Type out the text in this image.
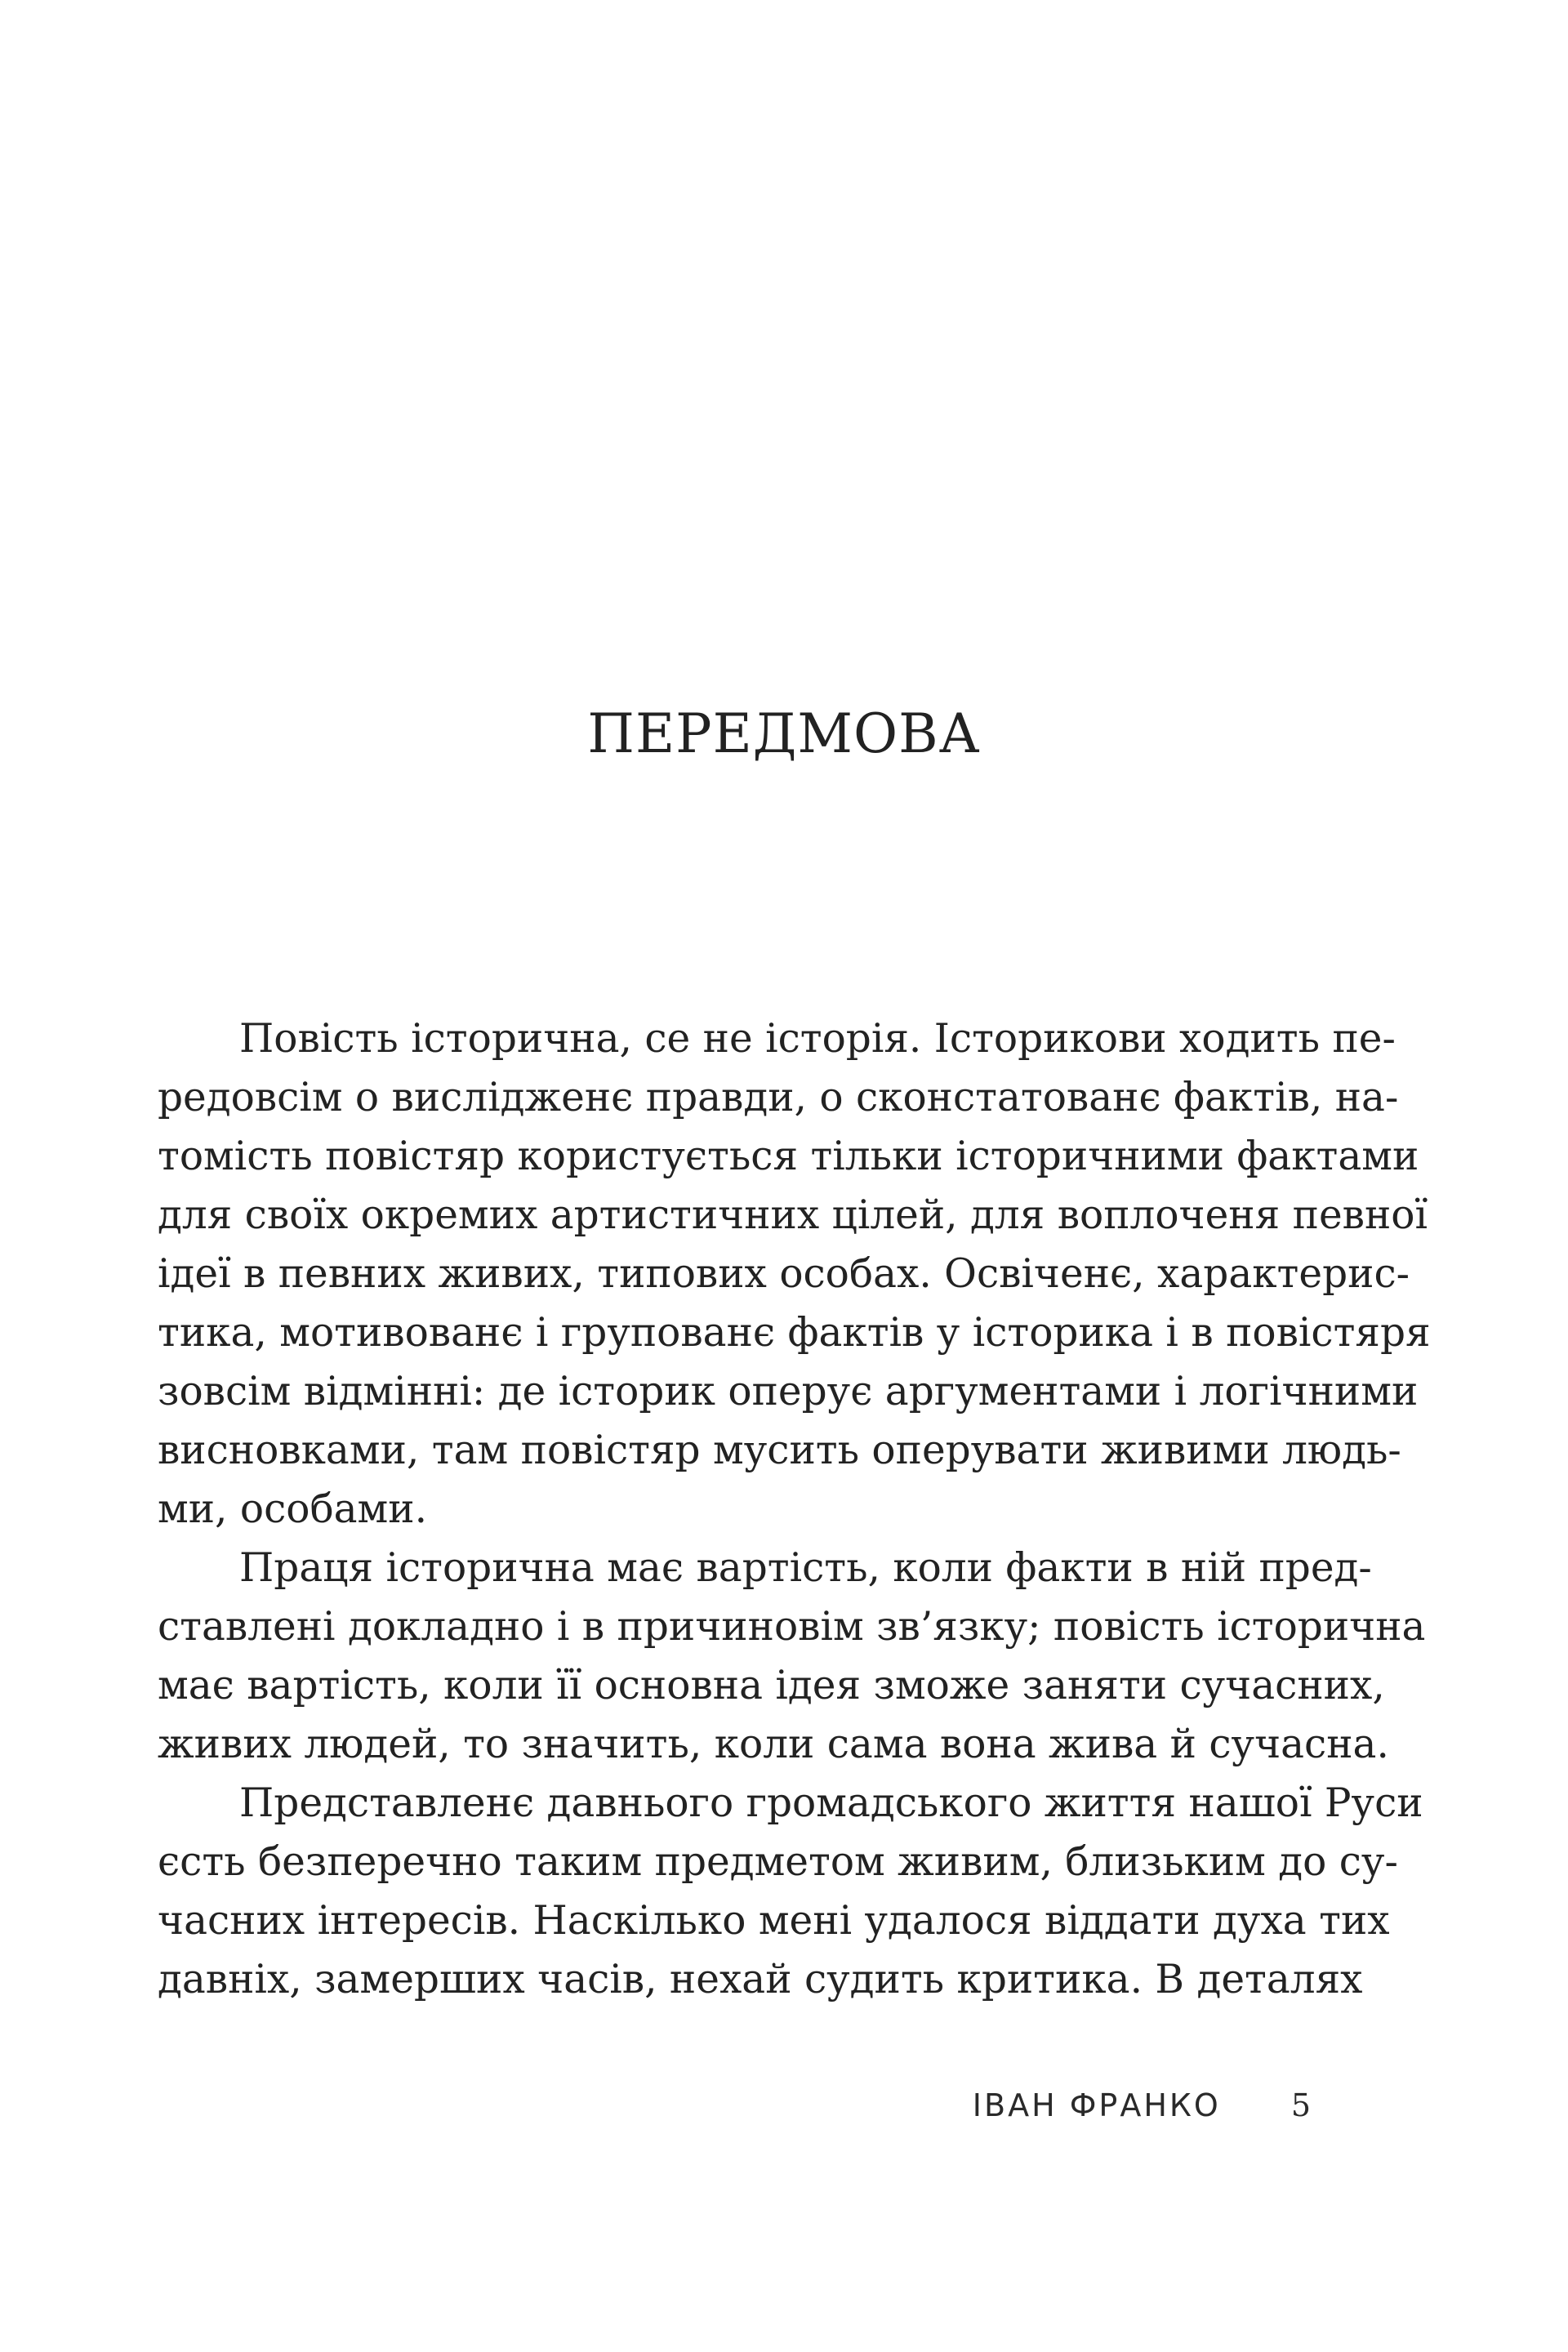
ПЕРЕДМОВА

Повість історична, се не історія. Історикови ходить пе-
редовсім о вислідженє правди, о сконстатованє фактів, на-
томість повістяр користується тільки історичними фактами
для своїх окремих артистичних цілей, для воплоченя певної
ідеї в певних живих, типових особах. Освіченє, характерис-
тика, мотивованє і групованє фактів у історика і в повістяря
зовсім відмінні: де історик оперує аргументами і логічними
висновками, там повістяр мусить оперувати живими людь-
ми, особами.

Праця історична має вартість, коли факти в ній пред-
ставлені докладно і в причиновім зв’язку; повість історична
має вартість, коли її основна ідея зможе заняти сучасних,
живих людей, то значить, коли сама вона жива й сучасна.

Представленє давнього громадського життя нашої Руси
єсть безперечно таким предметом живим, близьким до су-
часних інтересів. Наскілько мені удалося віддати духа тих
давніх, замерших часів, нехай судить критика. В деталях

ІВАН ФРАНКО 5
